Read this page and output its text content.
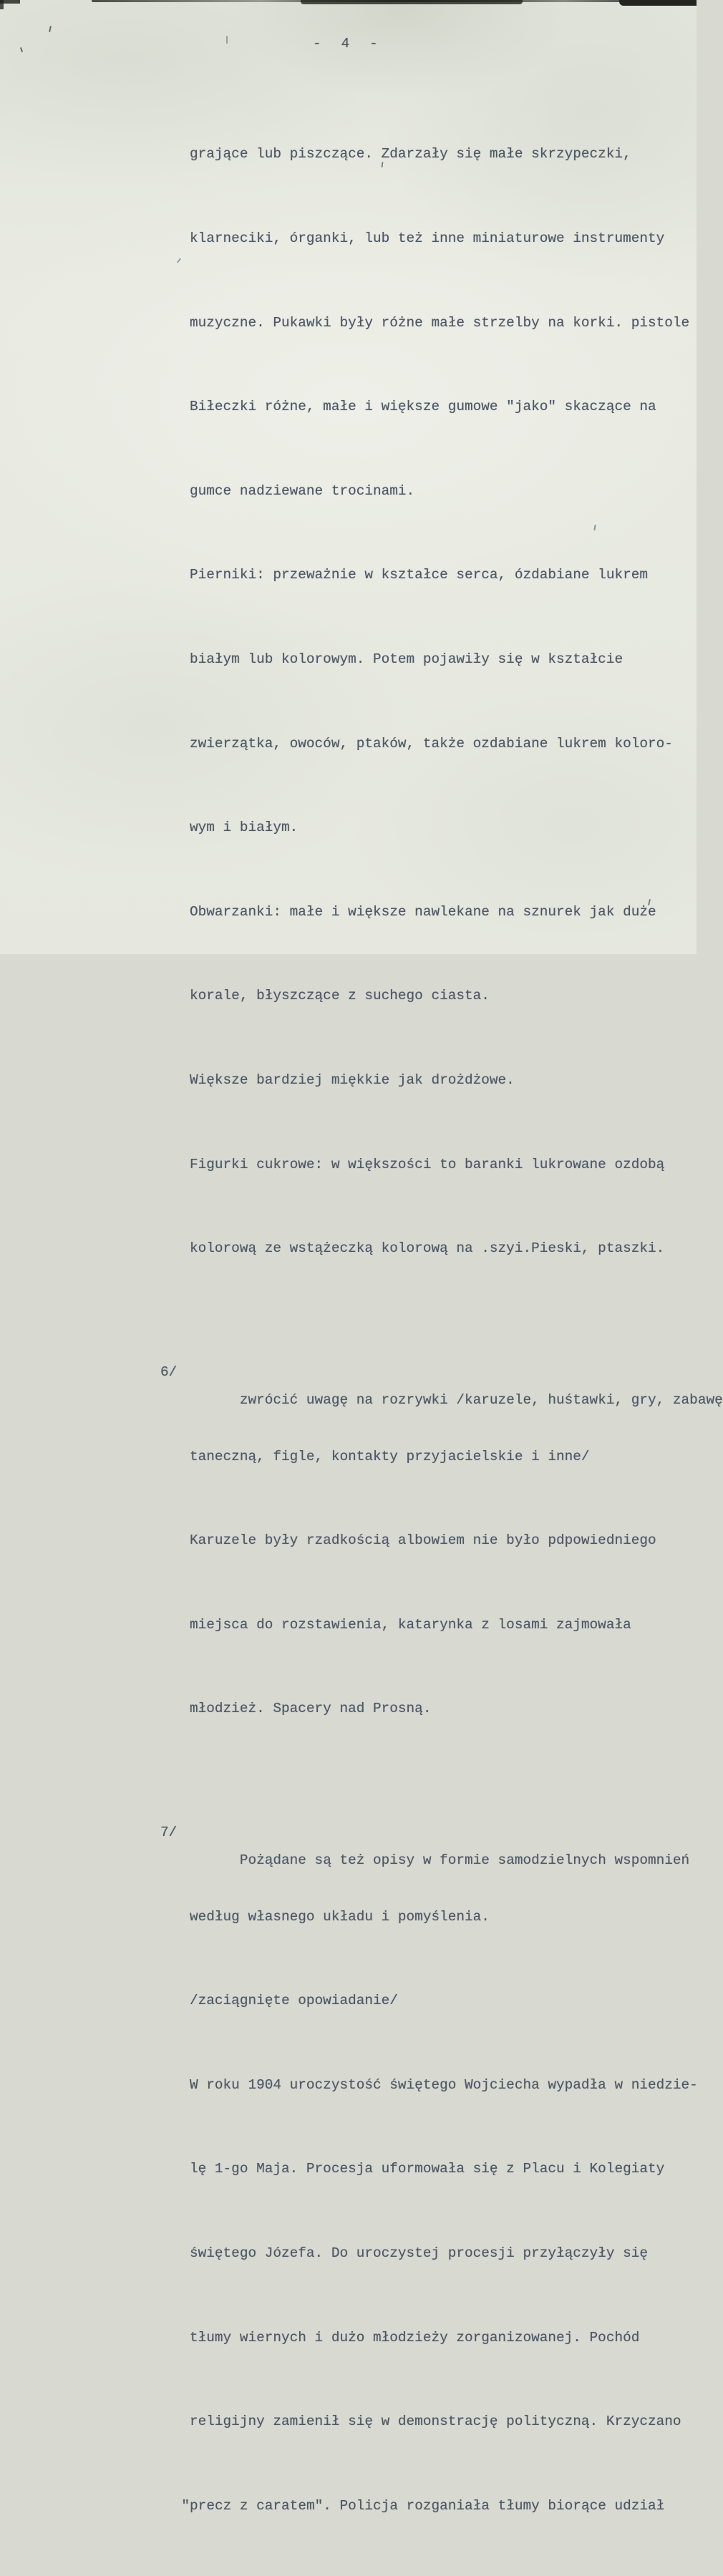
- 4 -

grające lub piszczące. Zdarzały się małe skrzypeczki,

klarneciki, órganki, lub też inne miniaturowe instrumenty

muzyczne. Pukawki były różne małe strzelby na korki. pistole

Biłeczki różne, małe i większe gumowe "jako" skaczące na

gumce nadziewane trocinami.

Pierniki: przeważnie w kształce serca, ózdabiane lukrem

białym lub kolorowym. Potem pojawiły się w kształcie

zwierzątka, owoców, ptaków, także ozdabiane lukrem koloro-

wym i białym.

Obwarzanki: małe i większe nawlekane na sznurek jak duże

korale, błyszczące z suchego ciasta.

Większe bardziej miękkie jak drożdżowe.

Figurki cukrowe: w większości to baranki lukrowane ozdobą

kolorową ze wstążeczką kolorową na .szyi.Pieski, ptaszki.

6/
zwrócić uwagę na rozrywki /karuzele, huśtawki, gry, zabawę

taneczną, figle, kontakty przyjacielskie i inne/

Karuzele były rzadkością albowiem nie było pdpowiedniego

miejsca do rozstawienia, katarynka z losami zajmowała

młodzież. Spacery nad Prosną.

7/
Pożądane są też opisy w formie samodzielnych wspomnień

według własnego układu i pomyślenia.

/zaciągnięte opowiadanie/

W roku 1904 uroczystość świętego Wojciecha wypadła w niedzie-

lę 1-go Maja. Procesja uformowała się z Placu i Kolegiaty

świętego Józefa. Do uroczystej procesji przyłączyły się

tłumy wiernych i dużo młodzieży zorganizowanej. Pochód

religijny zamienił się w demonstrację polityczną. Krzyczano

"precz z caratem". Policja rozganiała tłumy biorące udział
